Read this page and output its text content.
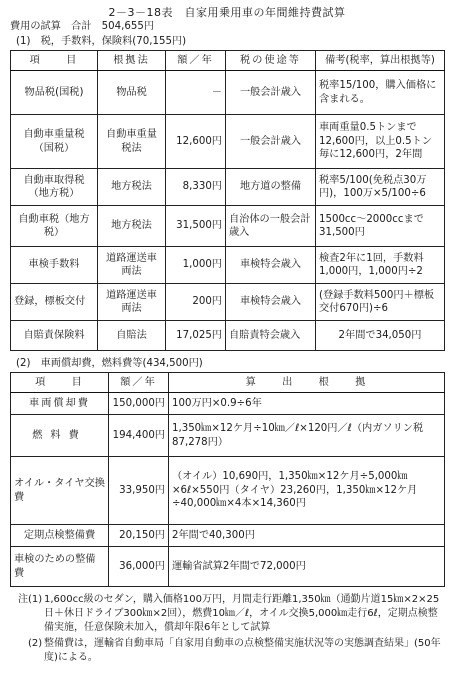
2－3－18表　自家用乗用車の年間維持費試算
費用の試算　合計　504,655円
(1)　税，手数料，保険料(70,155円)
項　　目	根拠法	額／年	税の使途等	備考(税率，算出根拠等)
物品税(国税)	物品税	－	一般会計歳入	税率15/100，購入価格に含まれる。
自動車重量税（国税）	自動車重量税法	12,600円	一般会計歳入	車両重量0.5トンまで12,600円，以上0.5トン毎に12,600円，2年間
自動車取得税（地方税）	地方税法	8,330円	地方道の整備	税率5/100(免税点30万円)，100万×5/100÷6
自動車税（地方税）	地方税法	31,500円	自治体の一般会計歳入	1500cc～2000ccまで31,500円
車検手数料	道路運送車両法	1,000円	車検特会歳入	検査2年に1回，手数料1,000円，1,000円÷2
登録，標板交付	道路運送車両法	200円	車検特会歳入	(登録手数料500円＋標板交付670円)÷6
自賠責保険料	自賠法	17,025円	自賠責特会歳入	2年間で34,050円
(2)　車両償却費，燃料費等(434,500円)
項　　目	額／年	算　　出　　根　　拠
車両償却費	150,000円	100万円×0.9÷6年
燃料費	194,400円	1,350㎞×12ケ月÷10㎞／ℓ×120円／ℓ（内ガソリン税87,278円）
オイル・タイヤ交換費	33,950円	（オイル）10,690円，1,350㎞×12ケ月÷5,000㎞×6ℓ×550円（タイヤ）23,260円，1,350㎞×12ケ月÷40,000㎞×4本×14,360円
定期点検整備費	20,150円	2年間で40,300円
車検のための整備費	36,000円	運輸省試算2年間で72,000円
注(1) 1,600cc級のセダン，購入価格100万円，月間走行距離1,350㎞（通勤片道15㎞×2×25日＋休日ドライブ300㎞×2回），燃費10㎞／ℓ，オイル交換5,000㎞走行6ℓ，定期点検整備実施，任意保険未加入，償却年限6年として試算
(2) 整備費は，運輸省自動車局「自家用自動車の点検整備実施状況等の実態調査結果」(50年度)による。
